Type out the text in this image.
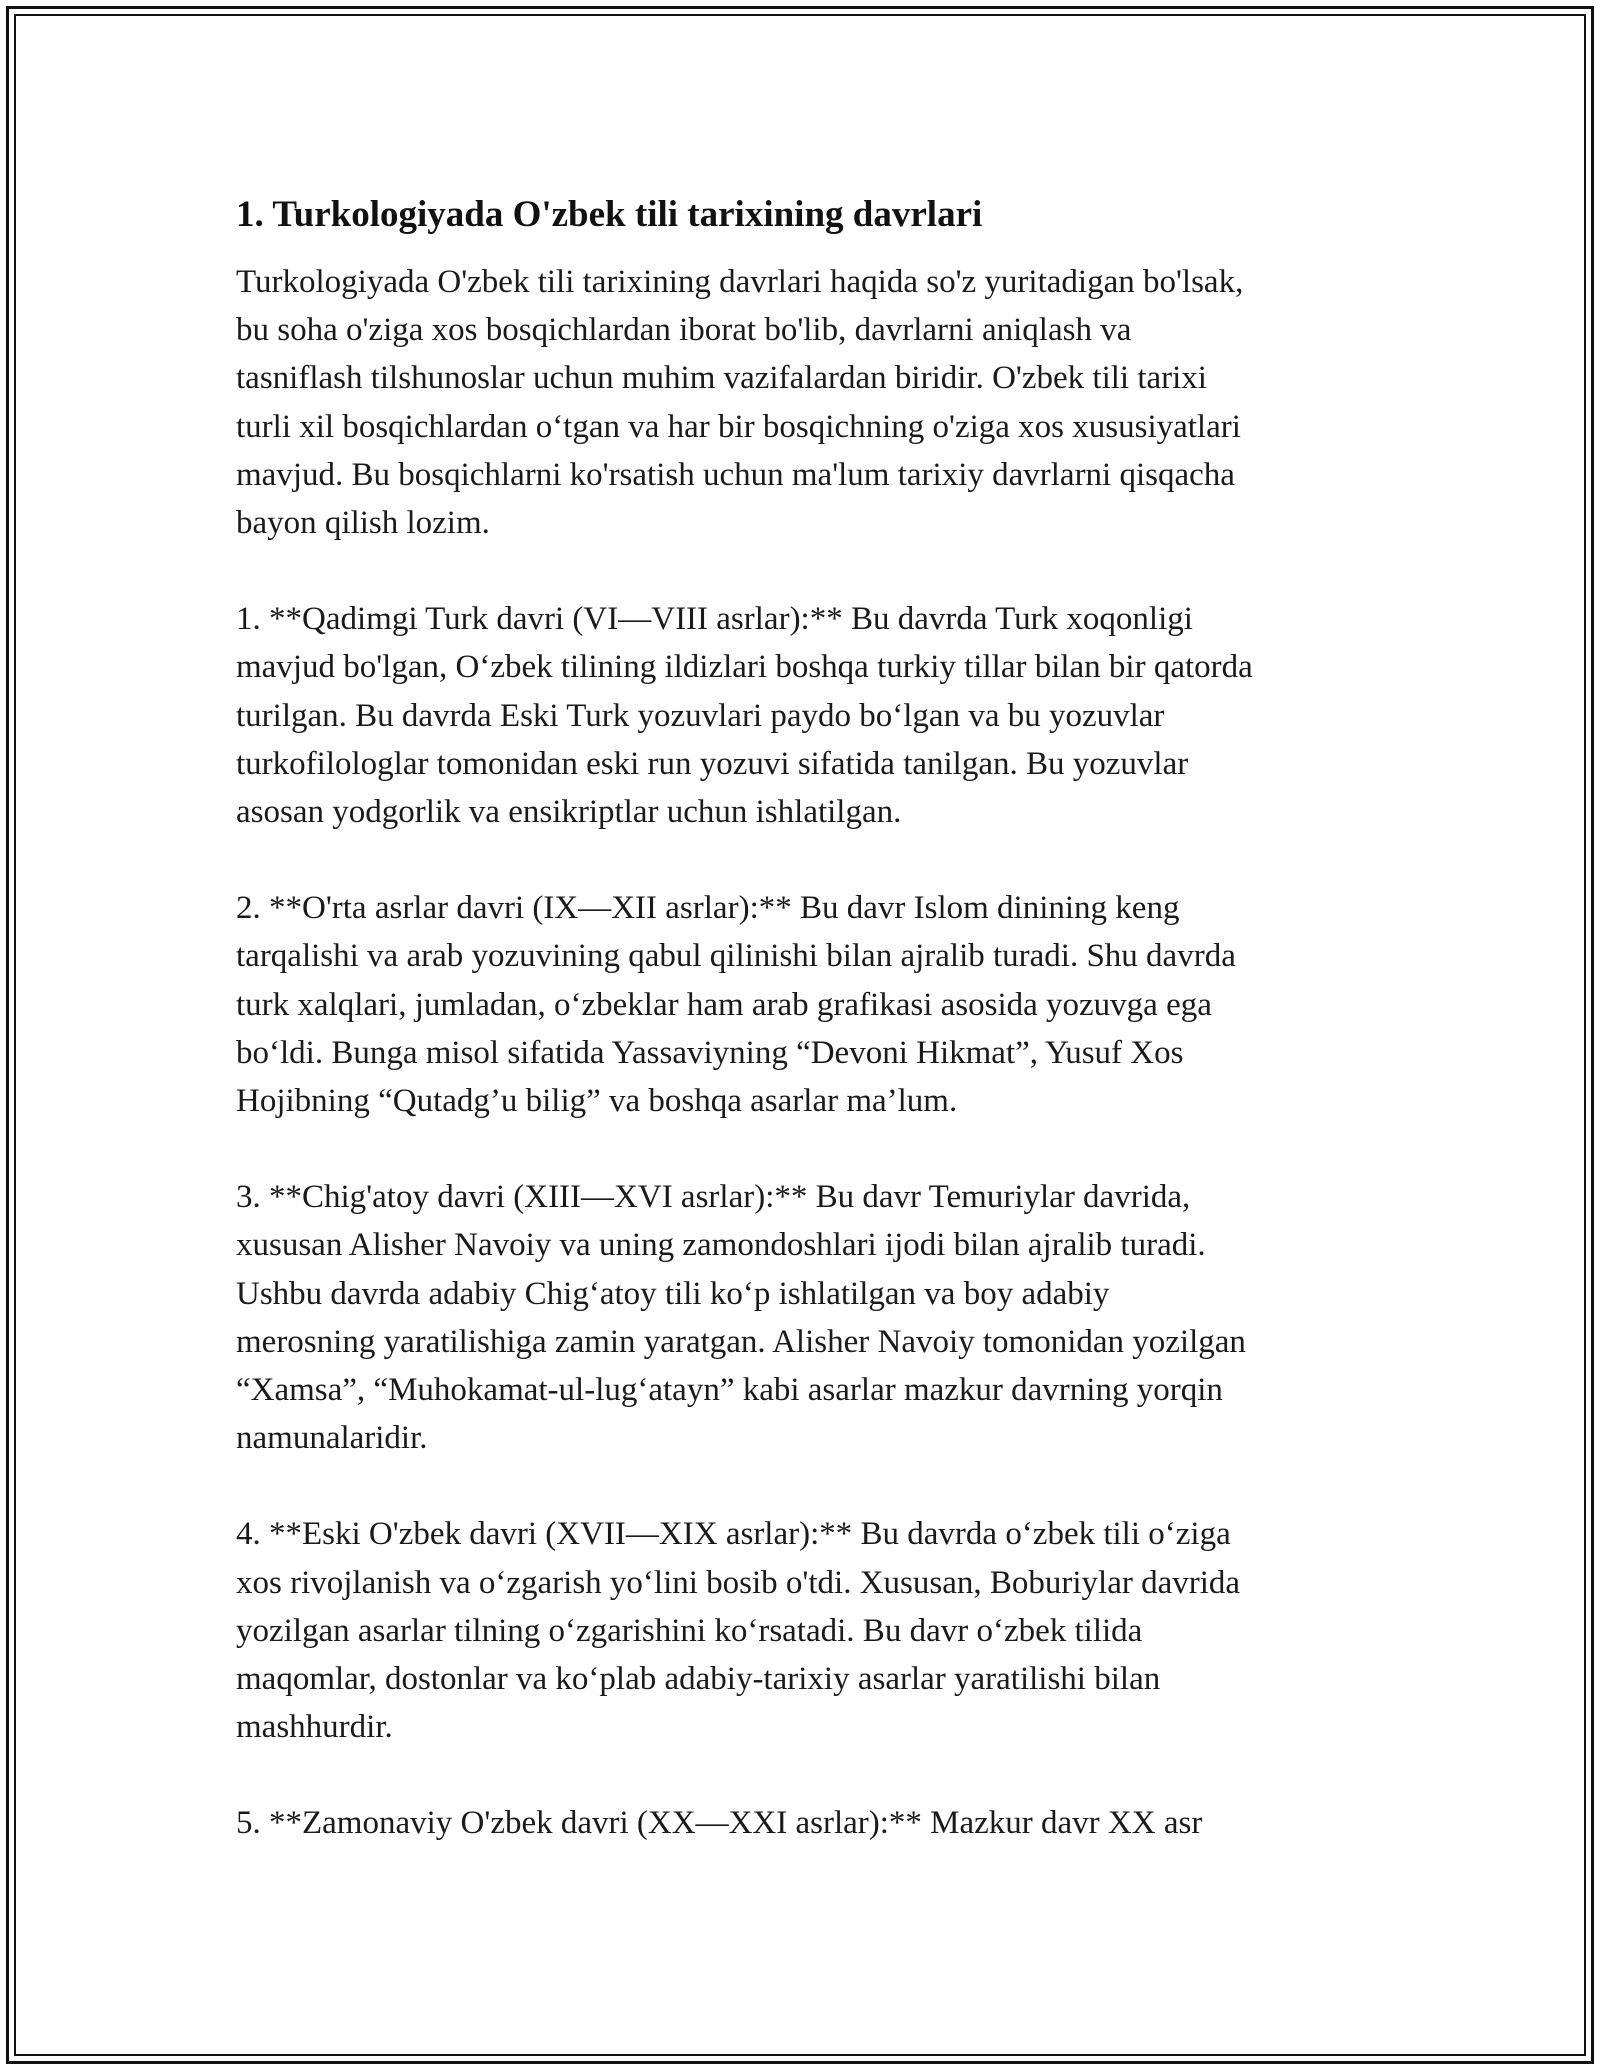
1. Turkologiyada O'zbek tili tarixining davrlari

Turkologiyada O'zbek tili tarixining davrlari haqida so'z yuritadigan bo'lsak,
bu soha o'ziga xos bosqichlardan iborat bo'lib, davrlarni aniqlash va
tasniflash tilshunoslar uchun muhim vazifalardan biridir. O'zbek tili tarixi
turli xil bosqichlardan o‘tgan va har bir bosqichning o'ziga xos xususiyatlari
mavjud. Bu bosqichlarni ko'rsatish uchun ma'lum tarixiy davrlarni qisqacha
bayon qilish lozim.

1. **Qadimgi Turk davri (VI—VIII asrlar):** Bu davrda Turk xoqonligi
mavjud bo'lgan, O‘zbek tilining ildizlari boshqa turkiy tillar bilan bir qatorda
turilgan. Bu davrda Eski Turk yozuvlari paydo bo‘lgan va bu yozuvlar
turkofilologlar tomonidan eski run yozuvi sifatida tanilgan. Bu yozuvlar
asosan yodgorlik va ensikriptlar uchun ishlatilgan.

2. **O'rta asrlar davri (IX—XII asrlar):** Bu davr Islom dinining keng
tarqalishi va arab yozuvining qabul qilinishi bilan ajralib turadi. Shu davrda
turk xalqlari, jumladan, o‘zbeklar ham arab grafikasi asosida yozuvga ega
bo‘ldi. Bunga misol sifatida Yassaviyning “Devoni Hikmat”, Yusuf Xos
Hojibning “Qutadg’u bilig” va boshqa asarlar ma’lum.

3. **Chig'atoy davri (XIII—XVI asrlar):** Bu davr Temuriylar davrida,
xususan Alisher Navoiy va uning zamondoshlari ijodi bilan ajralib turadi.
Ushbu davrda adabiy Chig‘atoy tili ko‘p ishlatilgan va boy adabiy
merosning yaratilishiga zamin yaratgan. Alisher Navoiy tomonidan yozilgan
“Xamsa”, “Muhokamat-ul-lug‘atayn” kabi asarlar mazkur davrning yorqin
namunalaridir.

4. **Eski O'zbek davri (XVII—XIX asrlar):** Bu davrda o‘zbek tili o‘ziga
xos rivojlanish va o‘zgarish yo‘lini bosib o'tdi. Xususan, Boburiylar davrida
yozilgan asarlar tilning o‘zgarishini ko‘rsatadi. Bu davr o‘zbek tilida
maqomlar, dostonlar va ko‘plab adabiy-tarixiy asarlar yaratilishi bilan
mashhurdir.

5. **Zamonaviy O'zbek davri (XX—XXI asrlar):** Mazkur davr XX asr
